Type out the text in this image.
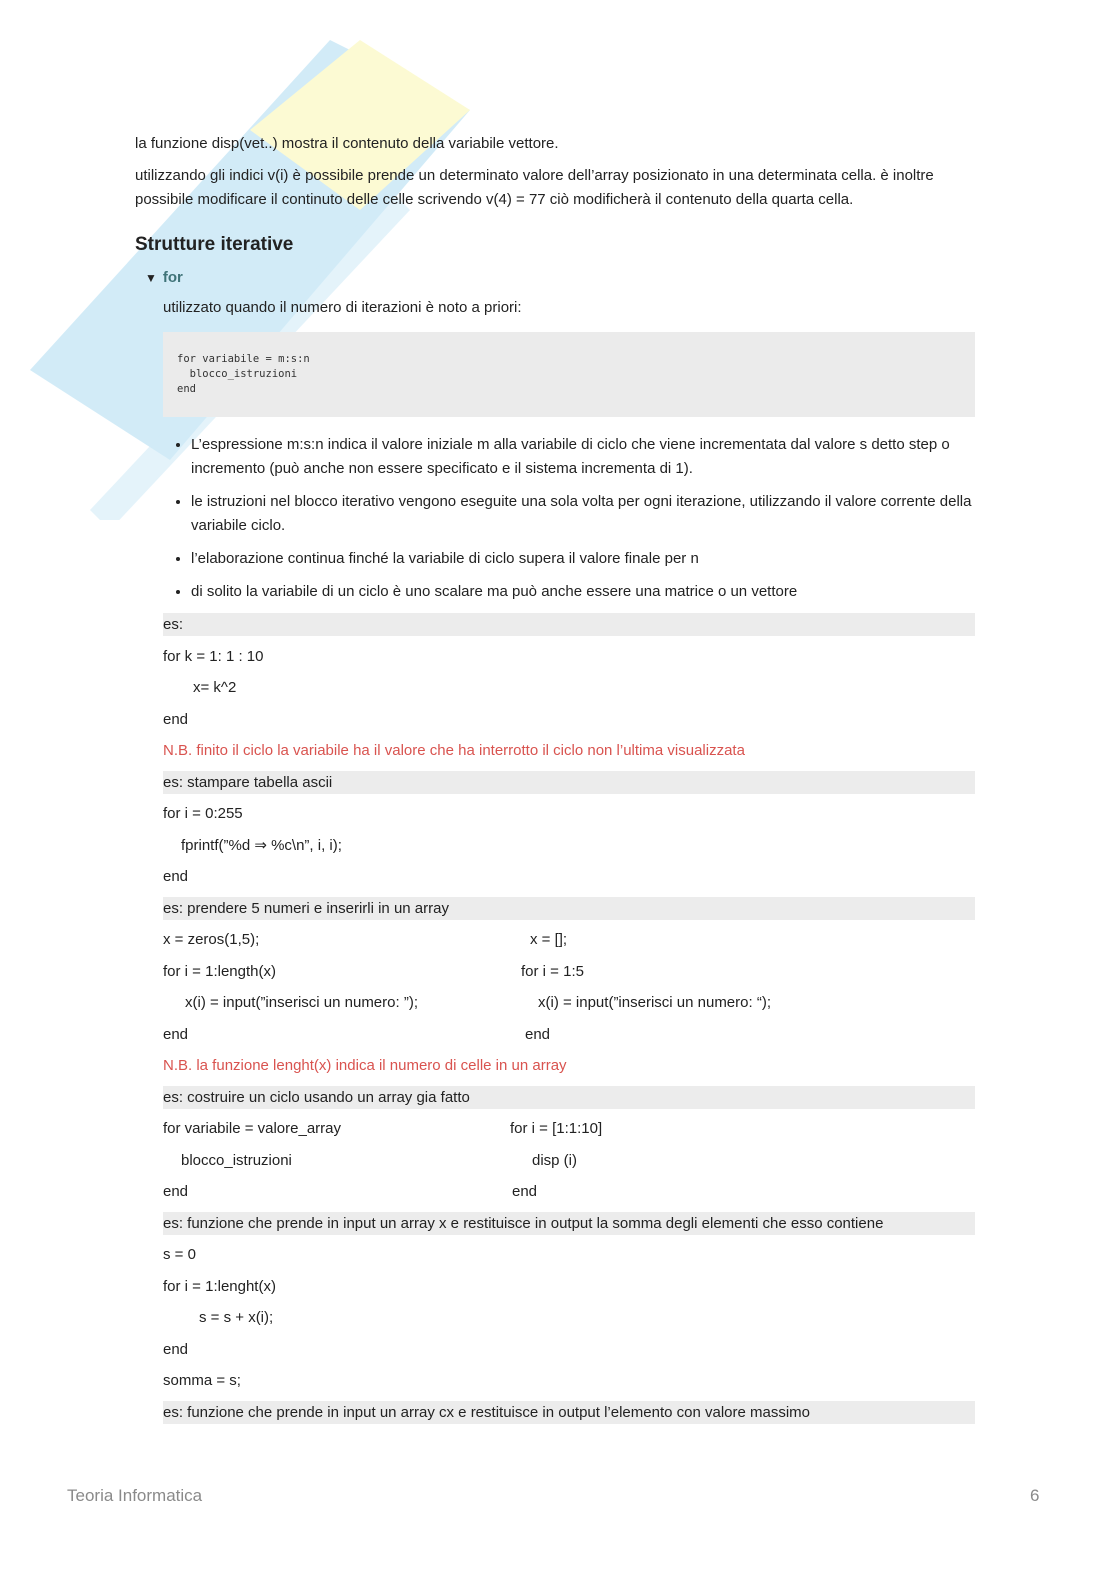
la funzione disp(vet..) mostra il contenuto della variabile vettore.

utilizzando gli indici v(i) è possibile prende un determinato valore dell’array posizionato in una determinata cella. è inoltre possibile modificare il continuto delle celle scrivendo v(4) = 77 ciò modificherà il contenuto della quarta cella.

Strutture iterative
▼ for

utilizzato quando il numero di iterazioni è noto a priori:

for variabile = m:s:n
blocco_istruzioni
end
• L’espressione m:s:n indica il valore iniziale m alla variabile di ciclo che viene incrementata dal valore s detto step o incremento (può anche non essere specificato e il sistema incrementa di 1).
• le istruzioni nel blocco iterativo vengono eseguite una sola volta per ogni iterazione, utilizzando il valore corrente della variabile ciclo.
• l’elaborazione continua finché la variabile di ciclo supera il valore finale per n
• di solito la variabile di un ciclo è uno scalare ma può anche essere una matrice o un vettore
es:
for k = 1: 1 : 10
x= k^2
end
N.B. finito il ciclo la variabile ha il valore che ha interrotto il ciclo non l’ultima visualizzata
es: stampare tabella ascii
for i = 0:255
fprintf(”%d ⇒ %c\n”, i, i);
end
es: prendere 5 numeri e inserirli in un array
x = zeros(1,5);	x = [];
for i = 1:length(x)	for i = 1:5
x(i) = input(”inserisci un numero: ”);	x(i) = input(”inserisci un numero: “);
end	end
N.B. la funzione lenght(x) indica il numero di celle in un array
es: costruire un ciclo usando un array gia fatto
for variabile = valore_array	for i = [1:1:10]
blocco_istruzioni	disp (i)
end	end
es: funzione che prende in input un array x e restituisce in output la somma degli elementi che esso contiene
s = 0
for i = 1:lenght(x)
s = s + x(i);
end
somma = s;
es: funzione che prende in input un array cx e restituisce in output l’elemento con valore massimo
Teoria Informatica	6
